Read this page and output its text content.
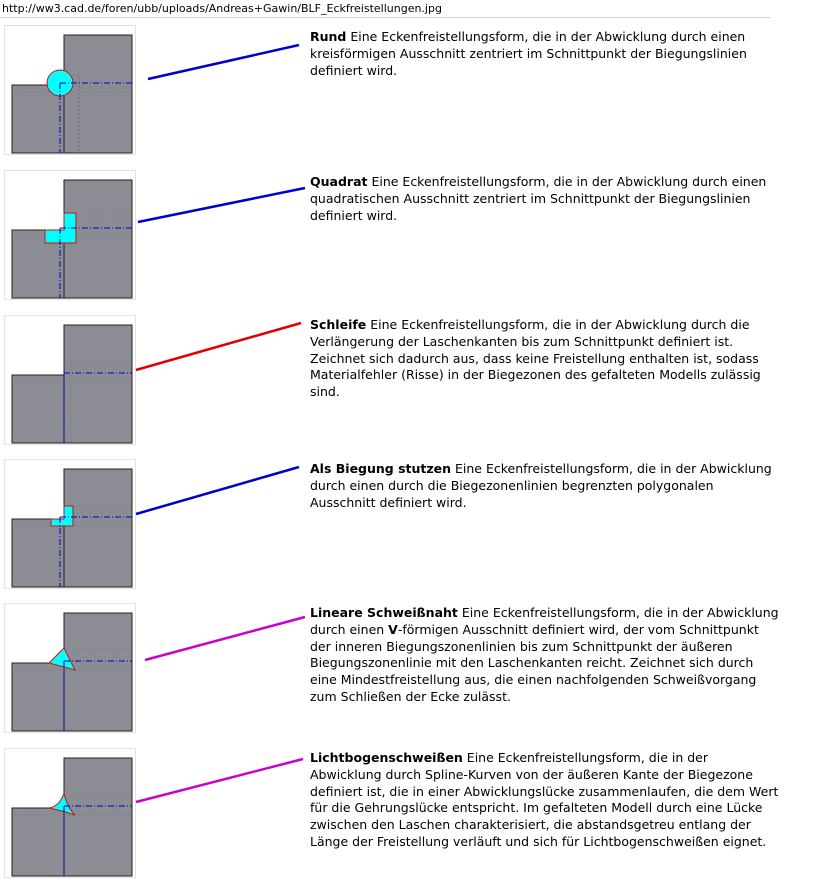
http://ww3.cad.de/foren/ubb/uploads/Andreas+Gawin/BLF_Eckfreistellungen.jpg
Rund Eine Eckenfreistellungsform, die in der Abwicklung durch einen kreisförmigen Ausschnitt zentriert im Schnittpunkt der Biegungslinien definiert wird.
Quadrat Eine Eckenfreistellungsform, die in der Abwicklung durch einen quadratischen Ausschnitt zentriert im Schnittpunkt der Biegungslinien definiert wird.
Schleife Eine Eckenfreistellungsform, die in der Abwicklung durch die Verlängerung der Laschenkanten bis zum Schnittpunkt definiert ist. Zeichnet sich dadurch aus, dass keine Freistellung enthalten ist, sodass Materialfehler (Risse) in der Biegezonen des gefalteten Modells zulässig sind.
Als Biegung stutzen Eine Eckenfreistellungsform, die in der Abwicklung durch einen durch die Biegezonenlinien begrenzten polygonalen Ausschnitt definiert wird.
Lineare Schweißnaht Eine Eckenfreistellungsform, die in der Abwicklung durch einen V-förmigen Ausschnitt definiert wird, der vom Schnittpunkt der inneren Biegungszonenlinien bis zum Schnittpunkt der äußeren Biegungszonenlinie mit den Laschenkanten reicht. Zeichnet sich durch eine Mindestfreistellung aus, die einen nachfolgenden Schweißvorgang zum Schließen der Ecke zulässt.
Lichtbogenschweißen Eine Eckenfreistellungsform, die in der Abwicklung durch Spline-Kurven von der äußeren Kante der Biegezone definiert ist, die in einer Abwicklungslücke zusammenlaufen, die dem Wert für die Gehrungslücke entspricht. Im gefalteten Modell durch eine Lücke zwischen den Laschen charakterisiert, die abstandsgetreu entlang der Länge der Freistellung verläuft und sich für Lichtbogenschweißen eignet.
